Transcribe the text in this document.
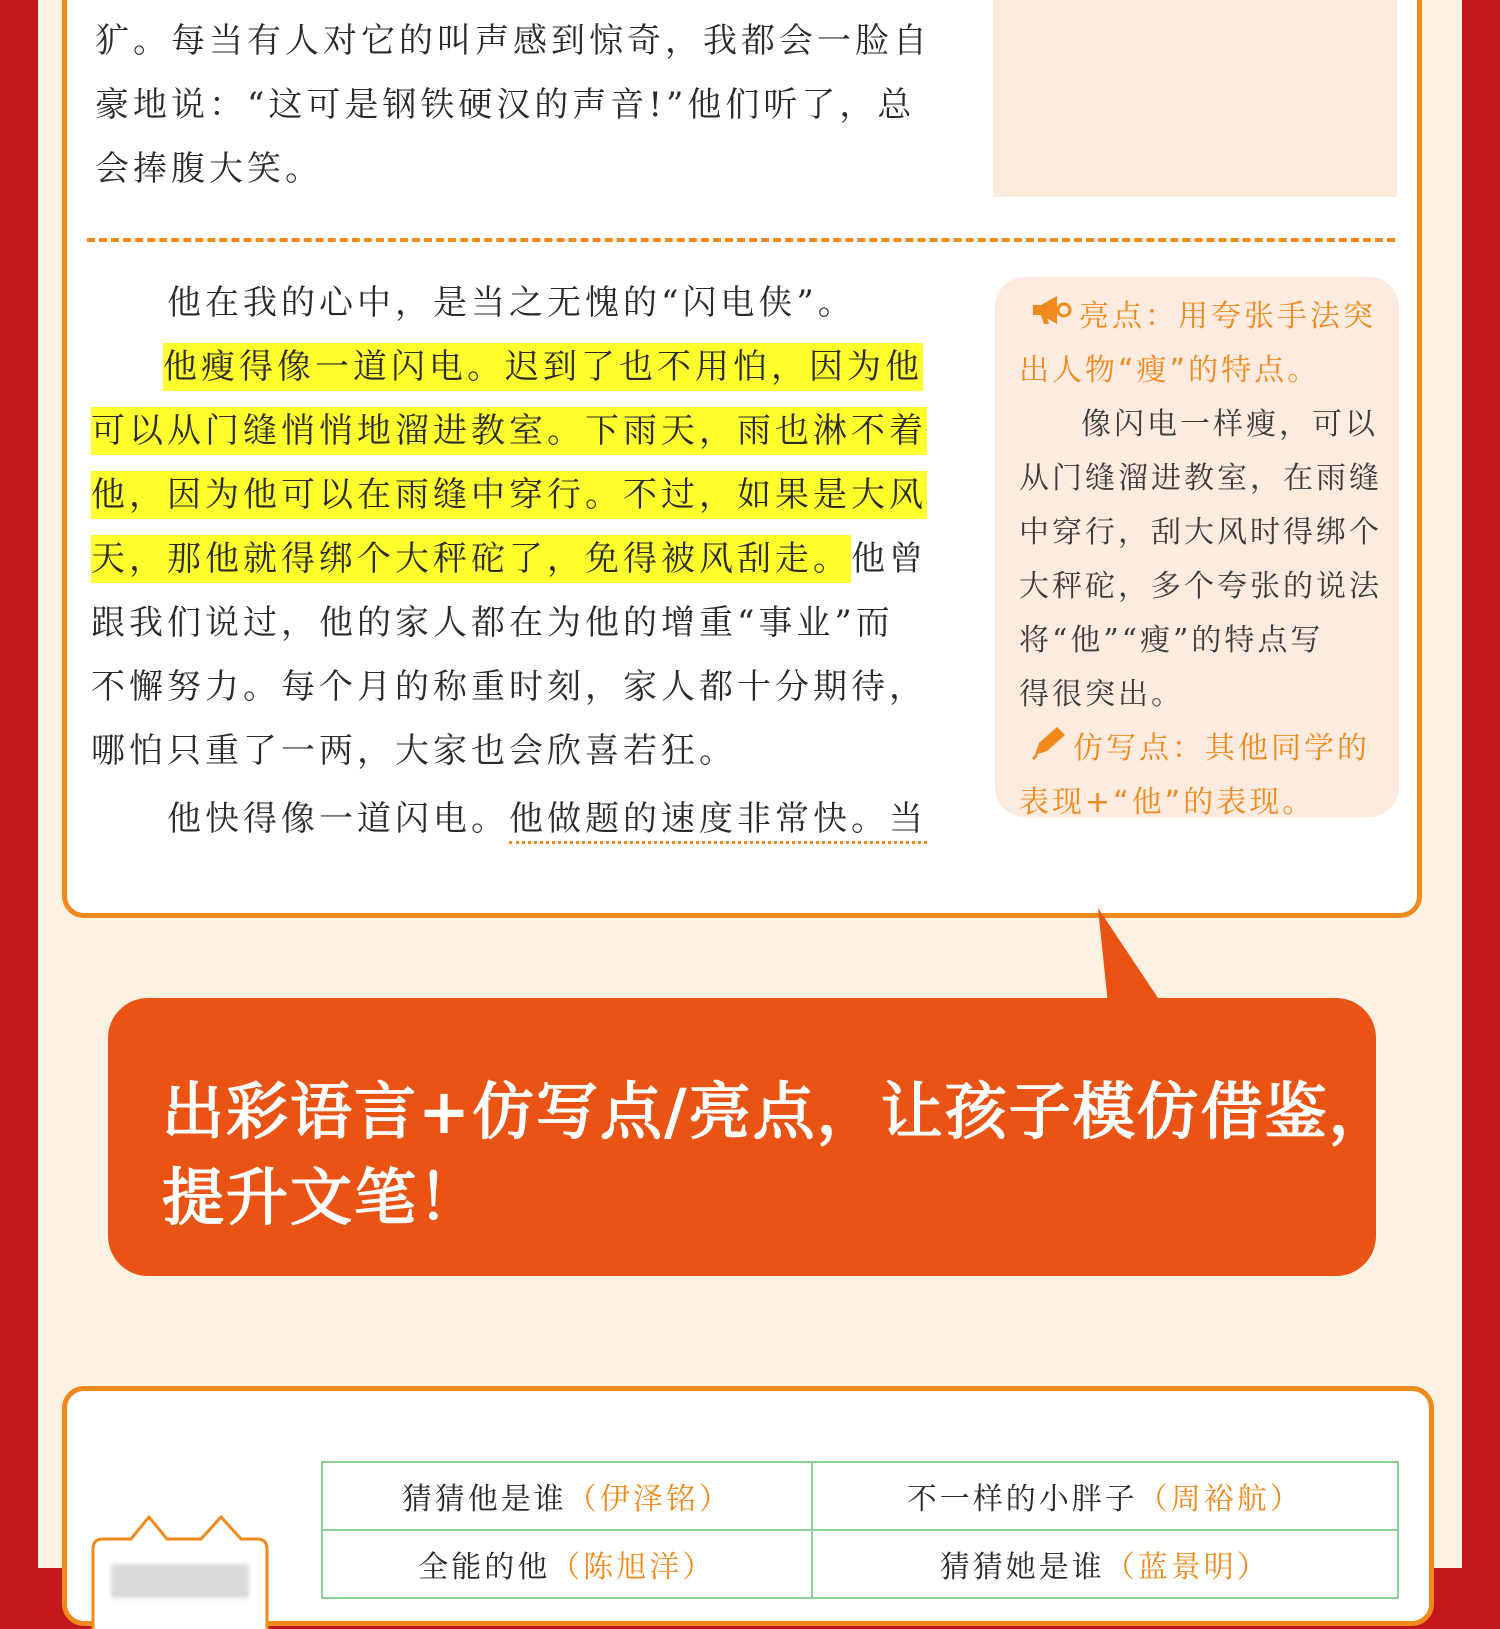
犷。每当有人对它的叫声感到惊奇，我都会一脸自

豪地说：“这可是钢铁硬汉的声音!”他们听了，总

会捧腹大笑。

他在我的心中，是当之无愧的“闪电侠”。

他瘦得像一道闪电。迟到了也不用怕，因为他

可以从门缝悄悄地溜进教室。下雨天，雨也淋不着

他，因为他可以在雨缝中穿行。不过，如果是大风

天，那他就得绑个大秤砣了，免得被风刮走。他曾

跟我们说过，他的家人都在为他的增重“事业”而

不懈努力。每个月的称重时刻，家人都十分期待，

哪怕只重了一两，大家也会欣喜若狂。

他快得像一道闪电。他做题的速度非常快。当

亮点：用夸张手法突

出人物“瘦”的特点。

像闪电一样瘦，可以

从门缝溜进教室，在雨缝

中穿行，刮大风时得绑个

大秤砣，多个夸张的说法

将“他”“瘦”的特点写

得很突出。

仿写点：其他同学的

表现+“他”的表现。

出彩语言+仿写点/亮点，让孩子模仿借鉴，

提升文笔！

猜猜他是谁（伊泽铭）	不一样的小胖子（周裕航）
全能的他（陈旭洋）	猜猜她是谁（蓝景明）
